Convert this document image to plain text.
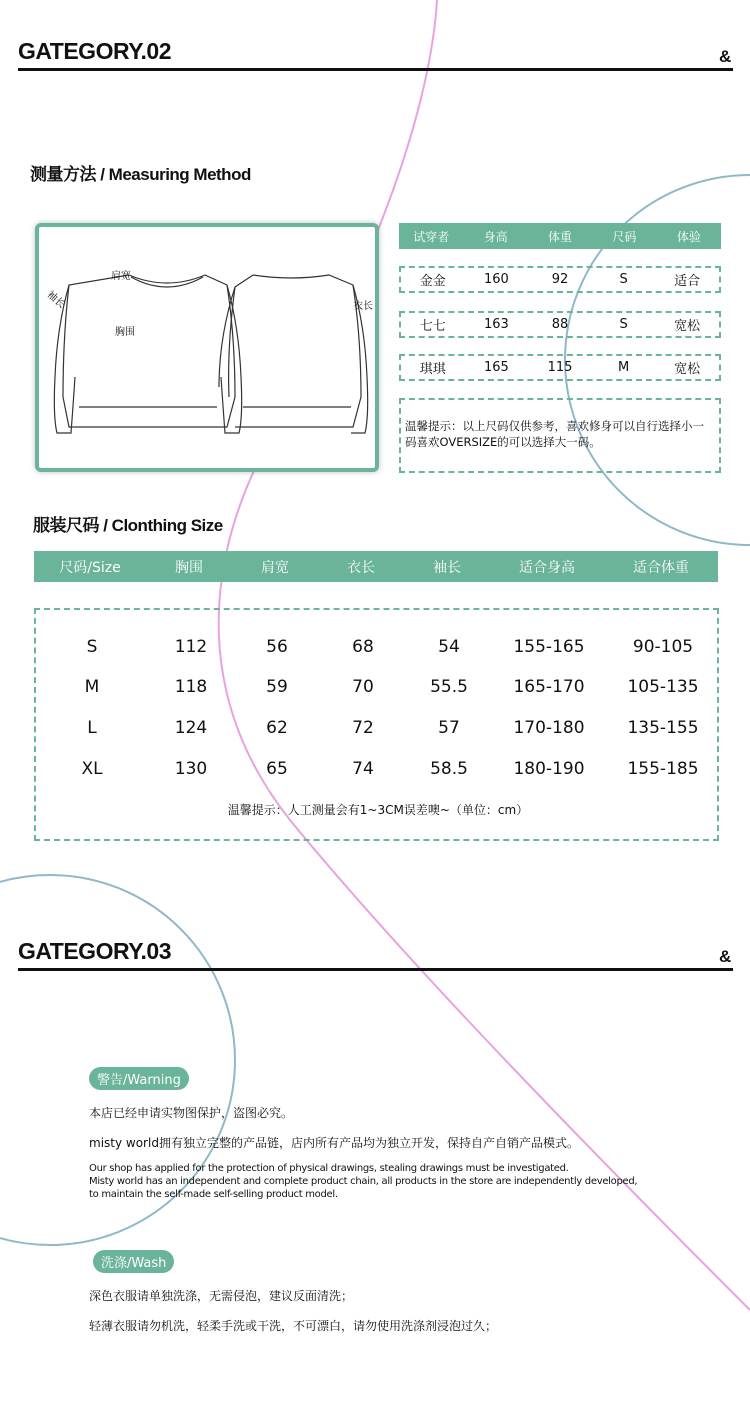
GATEGORY.02	&
测量方法 / Measuring Method
肩宽
袖长
胸围
衣长
试穿者	身高	体重	尺码	体验
金金	160	92	S	适合
七七	163	88	S	宽松
琪琪	165	115	M	宽松
温馨提示：以上尺码仅供参考，喜欢修身可以自行选择小一码喜欢OVERSIZE的可以选择大一码。
服装尺码 / Clonthing Size
尺码/Size	胸围	肩宽	衣长	袖长	适合身高	适合体重
S	112	56	68	54	155-165	90-105
M	118	59	70	55.5	165-170	105-135
L	124	62	72	57	170-180	135-155
XL	130	65	74	58.5	180-190	155-185
温馨提示：人工测量会有1~3CM误差噢~（单位：cm）
GATEGORY.03	&
警告/Warning
本店已经申请实物图保护，盗图必究。
misty world拥有独立完整的产品链，店内所有产品均为独立开发，保持自产自销产品模式。
Our shop has applied for the protection of physical drawings, stealing drawings must be investigated.
Misty world has an independent and complete product chain, all products in the store are independently developed,
to maintain the self-made self-selling product model.
洗涤/Wash
深色衣服请单独洗涤，无需侵泡，建议反面清洗；
轻薄衣服请勿机洗，轻柔手洗或干洗，不可漂白，请勿使用洗涤剂浸泡过久；
